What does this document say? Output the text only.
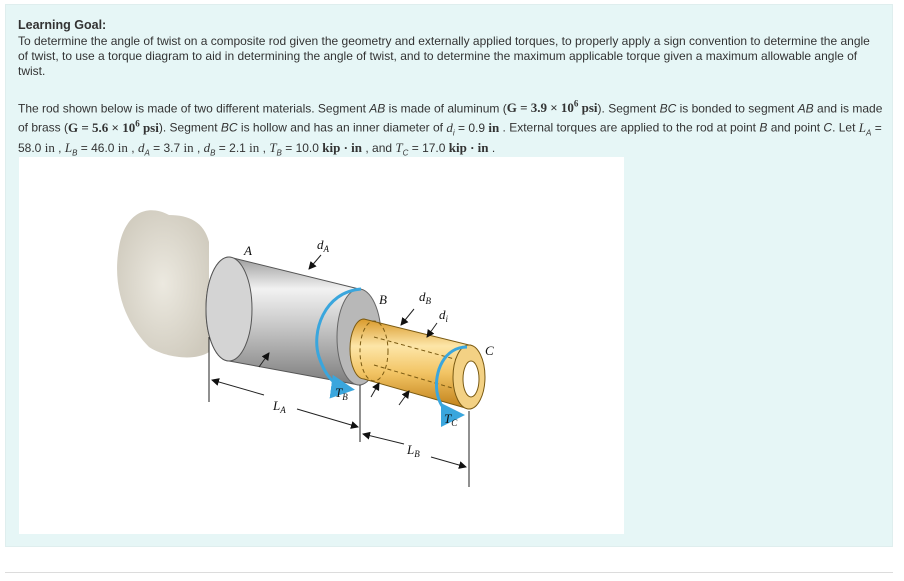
Learning Goal:
To determine the angle of twist on a composite rod given the geometry and externally applied torques, to properly apply a sign convention to determine the angle of twist, to use a torque diagram to aid in determining the angle of twist, and to determine the maximum applicable torque given a maximum allowable angle of twist.
The rod shown below is made of two different materials. Segment AB is made of aluminum ($G = 3.9 \times 10^6$ psi). Segment BC is bonded to segment AB and is made of brass ($G = 5.6 \times 10^6$ psi). Segment BC is hollow and has an inner diameter of $d_i = 0.9$ in . External torques are applied to the rod at point B and point C. Let $L_A = 58.0$ in , $L_B = 46.0$ in , $d_A = 3.7$ in , $d_B = 2.1$ in , $T_B = 10.0$ kip · in , and $T_C = 17.0$ kip · in .
A
B
C
$d_A$
$d_B$
$d_i$
$L_A$
$L_B$
$T_B$
$T_C$
